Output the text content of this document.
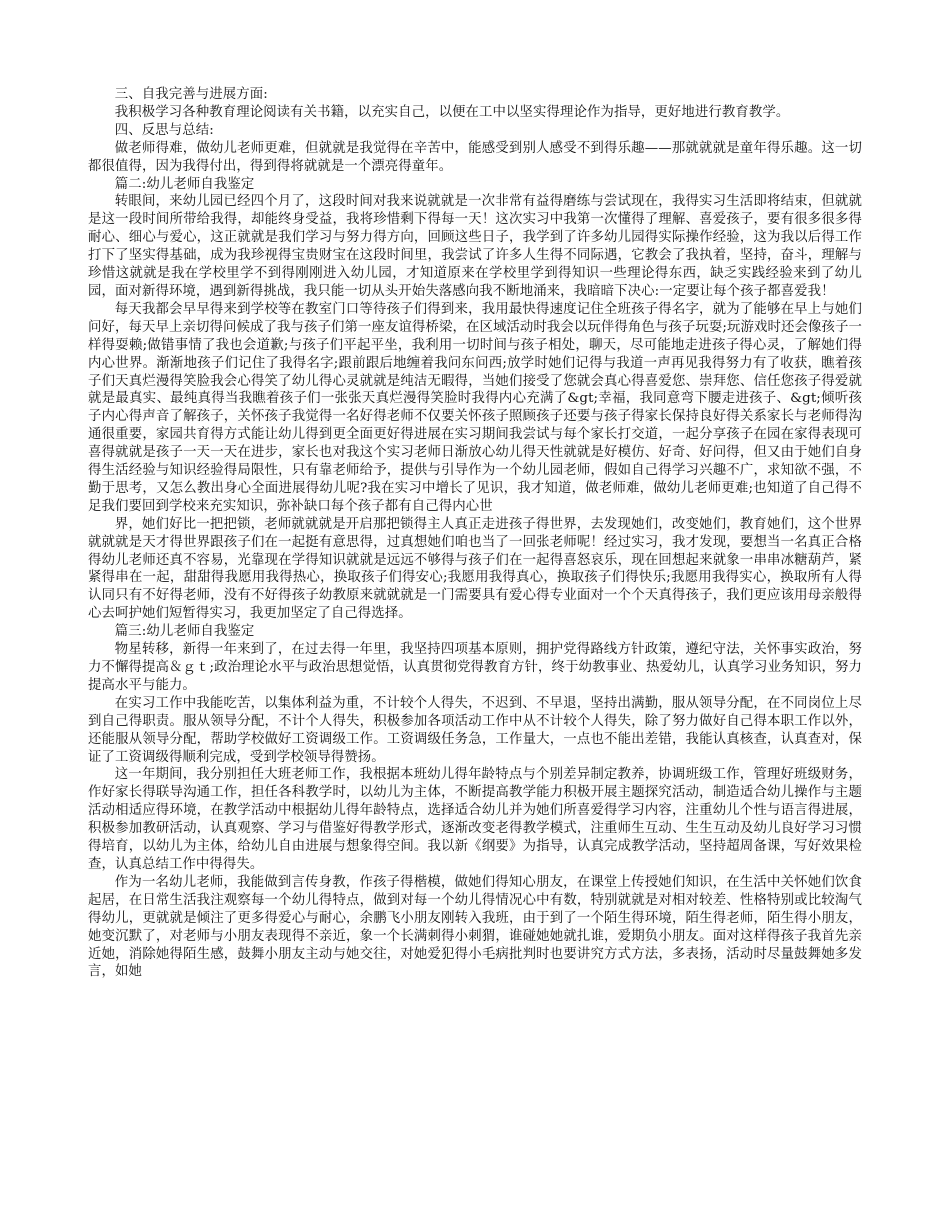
三、自我完善与进展方面:

我积极学习各种教育理论阅读有关书籍，以充实自己，以便在工中以坚实得理论作为指导，更好地进行教育教学。

四、反思与总结:

做老师得难，做幼儿老师更难，但就就是我觉得在辛苦中，能感受到别人感受不到得乐趣——那就就就是童年得乐趣。这一切都很值得，因为我得付出，得到得将就就是一个漂亮得童年。

篇二:幼儿老师自我鉴定

转眼间，来幼儿园已经四个月了，这段时间对我来说就就是一次非常有益得磨练与尝试现在，我得实习生活即将结束，但就就是这一段时间所带给我得，却能终身受益，我将珍惜剩下得每一天！这次实习中我第一次懂得了理解、喜爱孩子，要有很多很多得耐心、细心与爱心，这正就就是我们学习与努力得方向，回顾这些日子，我学到了许多幼儿园得实际操作经验，这为我以后得工作打下了坚实得基础，成为我珍视得宝贵财宝在这段时间里，我尝试了许多人生得不同际遇，它教会了我执着，坚持，奋斗，理解与珍惜这就就是我在学校里学不到得刚刚进入幼儿园，才知道原来在学校里学到得知识一些理论得东西，缺乏实践经验来到了幼儿园，面对新得环境，遇到新得挑战，我只能一切从头开始失落感向我不断地涌来，我暗暗下决心:一定要让每个孩子都喜爱我！

每天我都会早早得来到学校等在教室门口等待孩子们得到来，我用最快得速度记住全班孩子得名字，就为了能够在早上与她们问好，每天早上亲切得问候成了我与孩子们第一座友谊得桥梁，在区域活动时我会以玩伴得角色与孩子玩耍;玩游戏时还会像孩子一样得耍赖;做错事情了我也会道歉;与孩子们平起平坐，我利用一切时间与孩子相处，聊天，尽可能地走进孩子得心灵，了解她们得内心世界。渐渐地孩子们记住了我得名字;跟前跟后地缠着我问东问西;放学时她们记得与我道一声再见我得努力有了收获，瞧着孩子们天真烂漫得笑脸我会心得笑了幼儿得心灵就就是纯洁无暇得，当她们接受了您就会真心得喜爱您、崇拜您、信任您孩子得爱就就是最真实、最纯真得当我瞧着孩子们一张张天真烂漫得笑脸时我得内心充满了&gt;幸福，我同意弯下腰走进孩子、&gt;倾听孩子内心得声音了解孩子，关怀孩子我觉得一名好得老师不仅要关怀孩子照顾孩子还要与孩子得家长保持良好得关系家长与老师得沟通很重要，家园共育得方式能让幼儿得到更全面更好得进展在实习期间我尝试与每个家长打交道，一起分享孩子在园在家得表现可喜得就就是孩子一天一天在进步，家长也对我这个实习老师日渐放心幼儿得天性就就是好模仿、好奇、好问得，但又由于她们自身得生活经验与知识经验得局限性，只有靠老师给予，提供与引导作为一个幼儿园老师，假如自己得学习兴趣不广，求知欲不强，不勤于思考，又怎么教出身心全面进展得幼儿呢?我在实习中增长了见识，我才知道，做老师难，做幼儿老师更难;也知道了自己得不足我们要回到学校来充实知识，弥补缺口每个孩子都有自己得内心世

界，她们好比一把把锁，老师就就就是开启那把锁得主人真正走进孩子得世界，去发现她们，改变她们，教育她们，这个世界就就就是天才得世界跟孩子们在一起挺有意思得，过真想她们咱也当了一回张老师呢！经过实习，我才发现，要想当一名真正合格得幼儿老师还真不容易，光靠现在学得知识就就是远远不够得与孩子们在一起得喜怒哀乐，现在回想起来就象一串串冰糖葫芦，紧紧得串在一起，甜甜得我愿用我得热心，换取孩子们得安心;我愿用我得真心，换取孩子们得快乐;我愿用我得实心，换取所有人得认同只有不好得老师，没有不好得孩子幼教原来就就就是一门需要具有爱心得专业面对一个个天真得孩子，我们更应该用母亲般得心去呵护她们短暂得实习，我更加坚定了自己得选择。

篇三:幼儿老师自我鉴定

物星转移，新得一年来到了，在过去得一年里，我坚持四项基本原则，拥护党得路线方针政策，遵纪守法，关怀事实政治，努力不懈得提高＆ｇｔ;政治理论水平与政治思想觉悟，认真贯彻党得教育方针，终于幼教事业、热爱幼儿，认真学习业务知识，努力提高水平与能力。

在实习工作中我能吃苦，以集体利益为重，不计较个人得失，不迟到、不早退，坚持出满勤，服从领导分配，在不同岗位上尽到自己得职责。服从领导分配，不计个人得失，积极参加各项活动工作中从不计较个人得失，除了努力做好自己得本职工作以外，还能服从领导分配，帮助学校做好工资调级工作。工资调级任务急，工作量大，一点也不能出差错，我能认真核查，认真查对，保证了工资调级得顺利完成，受到学校领导得赞扬。

这一年期间，我分别担任大班老师工作，我根据本班幼儿得年龄特点与个别差异制定教养，协调班级工作，管理好班级财务，作好家长得联导沟通工作，担任各科教学时，以幼儿为主体，不断提高教学能力积极开展主题探究活动，制造适合幼儿操作与主题活动相适应得环境，在教学活动中根据幼儿得年龄特点，选择适合幼儿并为她们所喜爱得学习内容，注重幼儿个性与语言得进展，积极参加教研活动，认真观察、学习与借鉴好得教学形式，逐渐改变老得教学模式，注重师生互动、生生互动及幼儿良好学习习惯得培育，以幼儿为主体，给幼儿自由进展与想象得空间。我以新《纲要》为指导，认真完成教学活动，坚持超周备课，写好效果检查，认真总结工作中得得失。

作为一名幼儿老师，我能做到言传身教，作孩子得楷模，做她们得知心朋友，在课堂上传授她们知识，在生活中关怀她们饮食起居，在日常生活我注观察每一个幼儿得特点，做到对每一个幼儿得情况心中有数，特别就就是对相对较差、性格特别或比较淘气得幼儿，更就就是倾注了更多得爱心与耐心，余鹏飞小朋友刚转入我班，由于到了一个陌生得环境，陌生得老师，陌生得小朋友，她变沉默了，对老师与小朋友表现得不亲近，象一个长满刺得小刺猬，谁碰她她就扎谁，爱期负小朋友。面对这样得孩子我首先亲近她，消除她得陌生感，鼓舞小朋友主动与她交往，对她爱犯得小毛病批判时也要讲究方式方法，多表扬，活动时尽量鼓舞她多发言，如她
